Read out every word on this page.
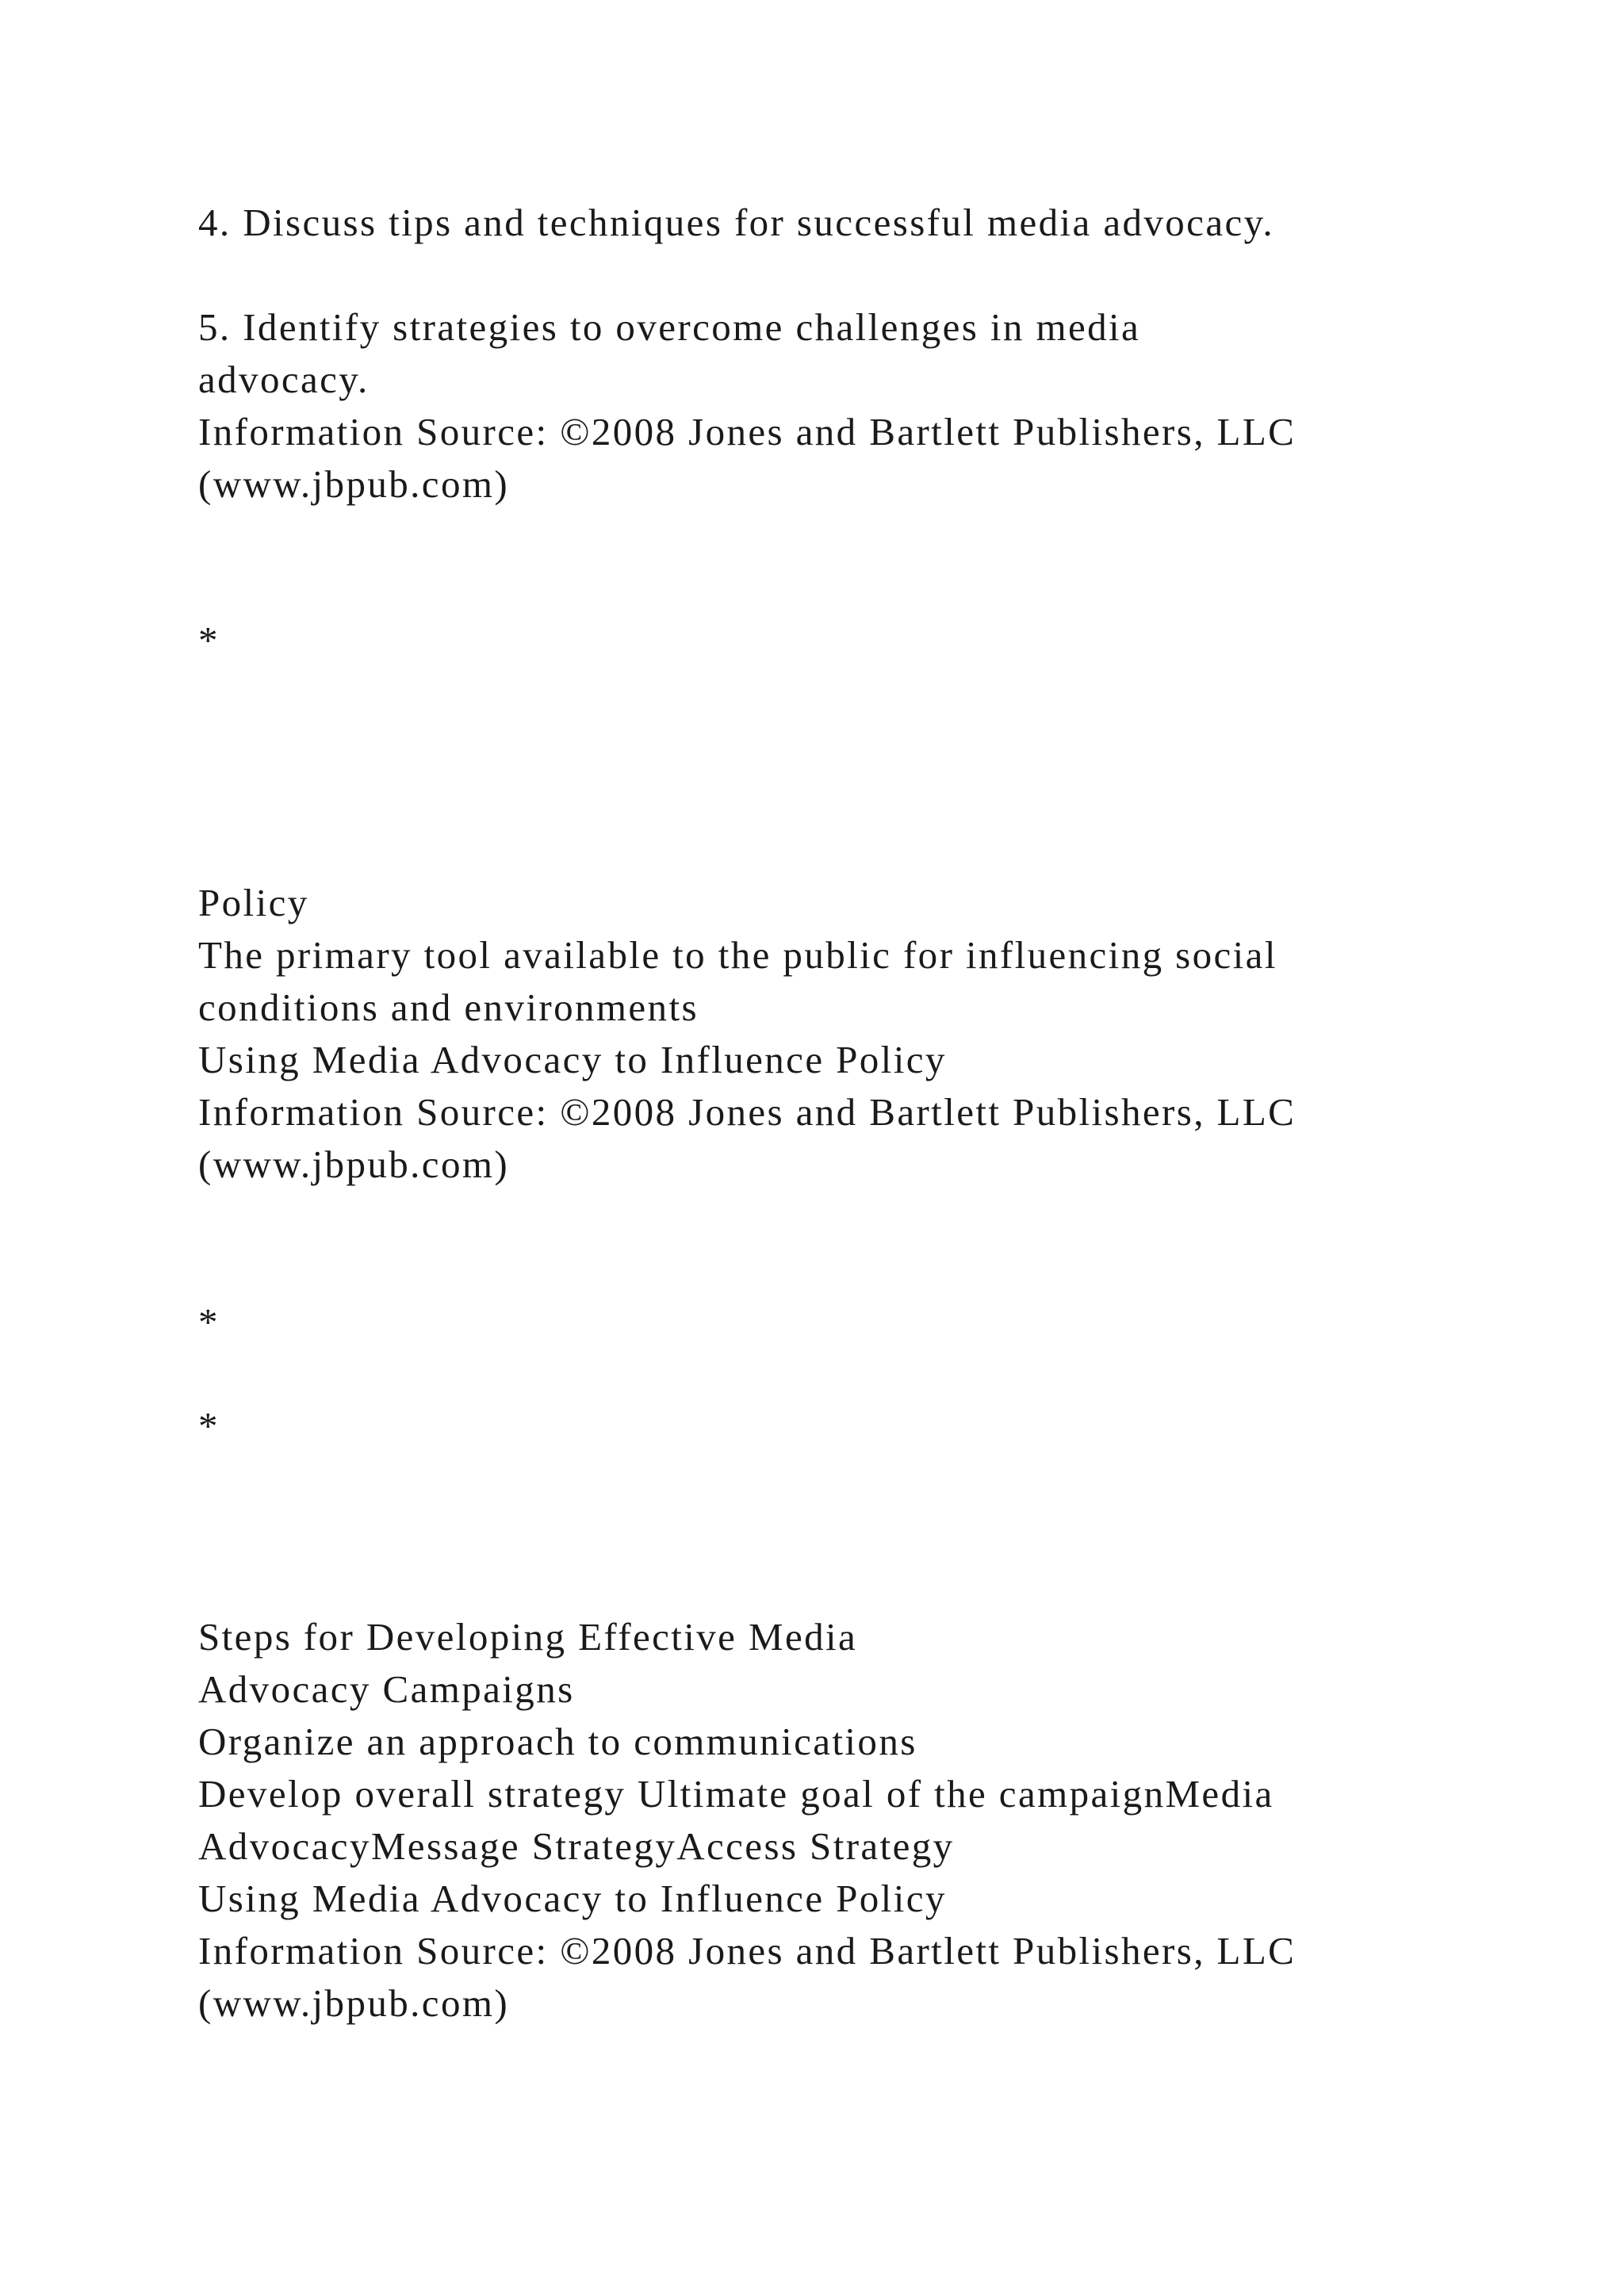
4. Discuss tips and techniques for successful media advocacy.

5. Identify strategies to overcome challenges in media

advocacy.

Information Source: ©2008 Jones and Bartlett Publishers, LLC

(www.jbpub.com)

*

Policy

The primary tool available to the public for influencing social

conditions and environments

Using Media Advocacy to Influence Policy

Information Source: ©2008 Jones and Bartlett Publishers, LLC

(www.jbpub.com)

*

*

Steps for Developing Effective Media

Advocacy Campaigns

Organize an approach to communications

Develop overall strategy Ultimate goal of the campaignMedia

AdvocacyMessage StrategyAccess Strategy

Using Media Advocacy to Influence Policy

Information Source: ©2008 Jones and Bartlett Publishers, LLC

(www.jbpub.com)
